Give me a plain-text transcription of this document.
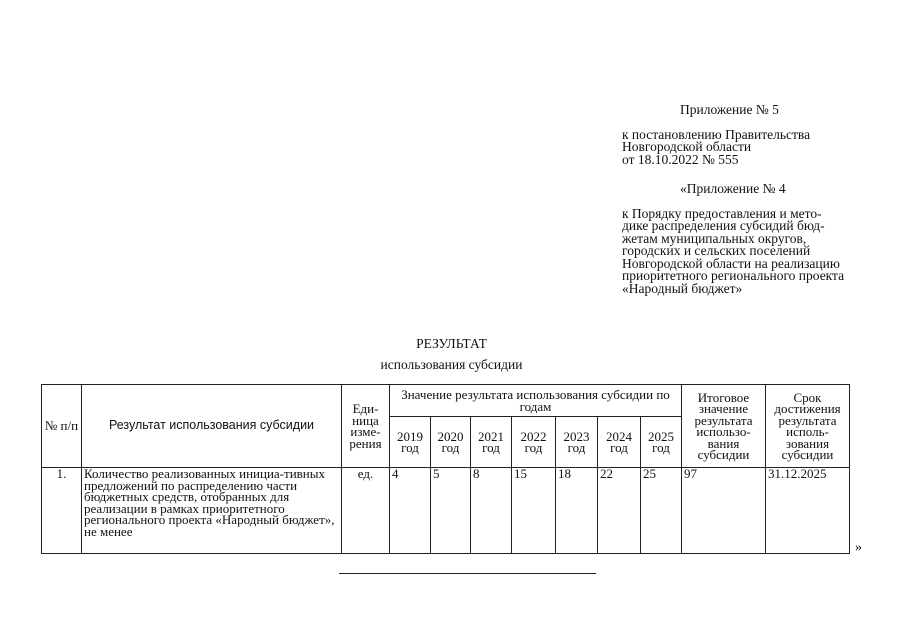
Приложение № 5

к постановлению Правительства

Новгородской области

от 18.10.2022 № 555

«Приложение № 4

к Порядку предоставления и мето-

дике распределения субсидий бюд-

жетам муниципальных округов,

городских и сельских поселений

Новгородской области на реализацию

приоритетного регионального проекта

«Народный бюджет»

РЕЗУЛЬТАТ
использования субсидии
№ п/п	Результат использования субсидии	Еди-ница изме-рения	Значение результата использования субсидии по годам							Итоговое значение результата использо-вания субсидии	Срок достижения результата исполь-зования субсидии
			2019 год	2020 год	2021 год	2022 год	2023 год	2024 год	2025 год		
1.	Количество реализованных инициа-тивных предложений по распределению части бюджетных средств, отобранных для реализации в рамках приоритетного регионального проекта «Народный бюджет», не менее	ед.	4	5	8	15	18	22	25	97	31.12.2025
»
